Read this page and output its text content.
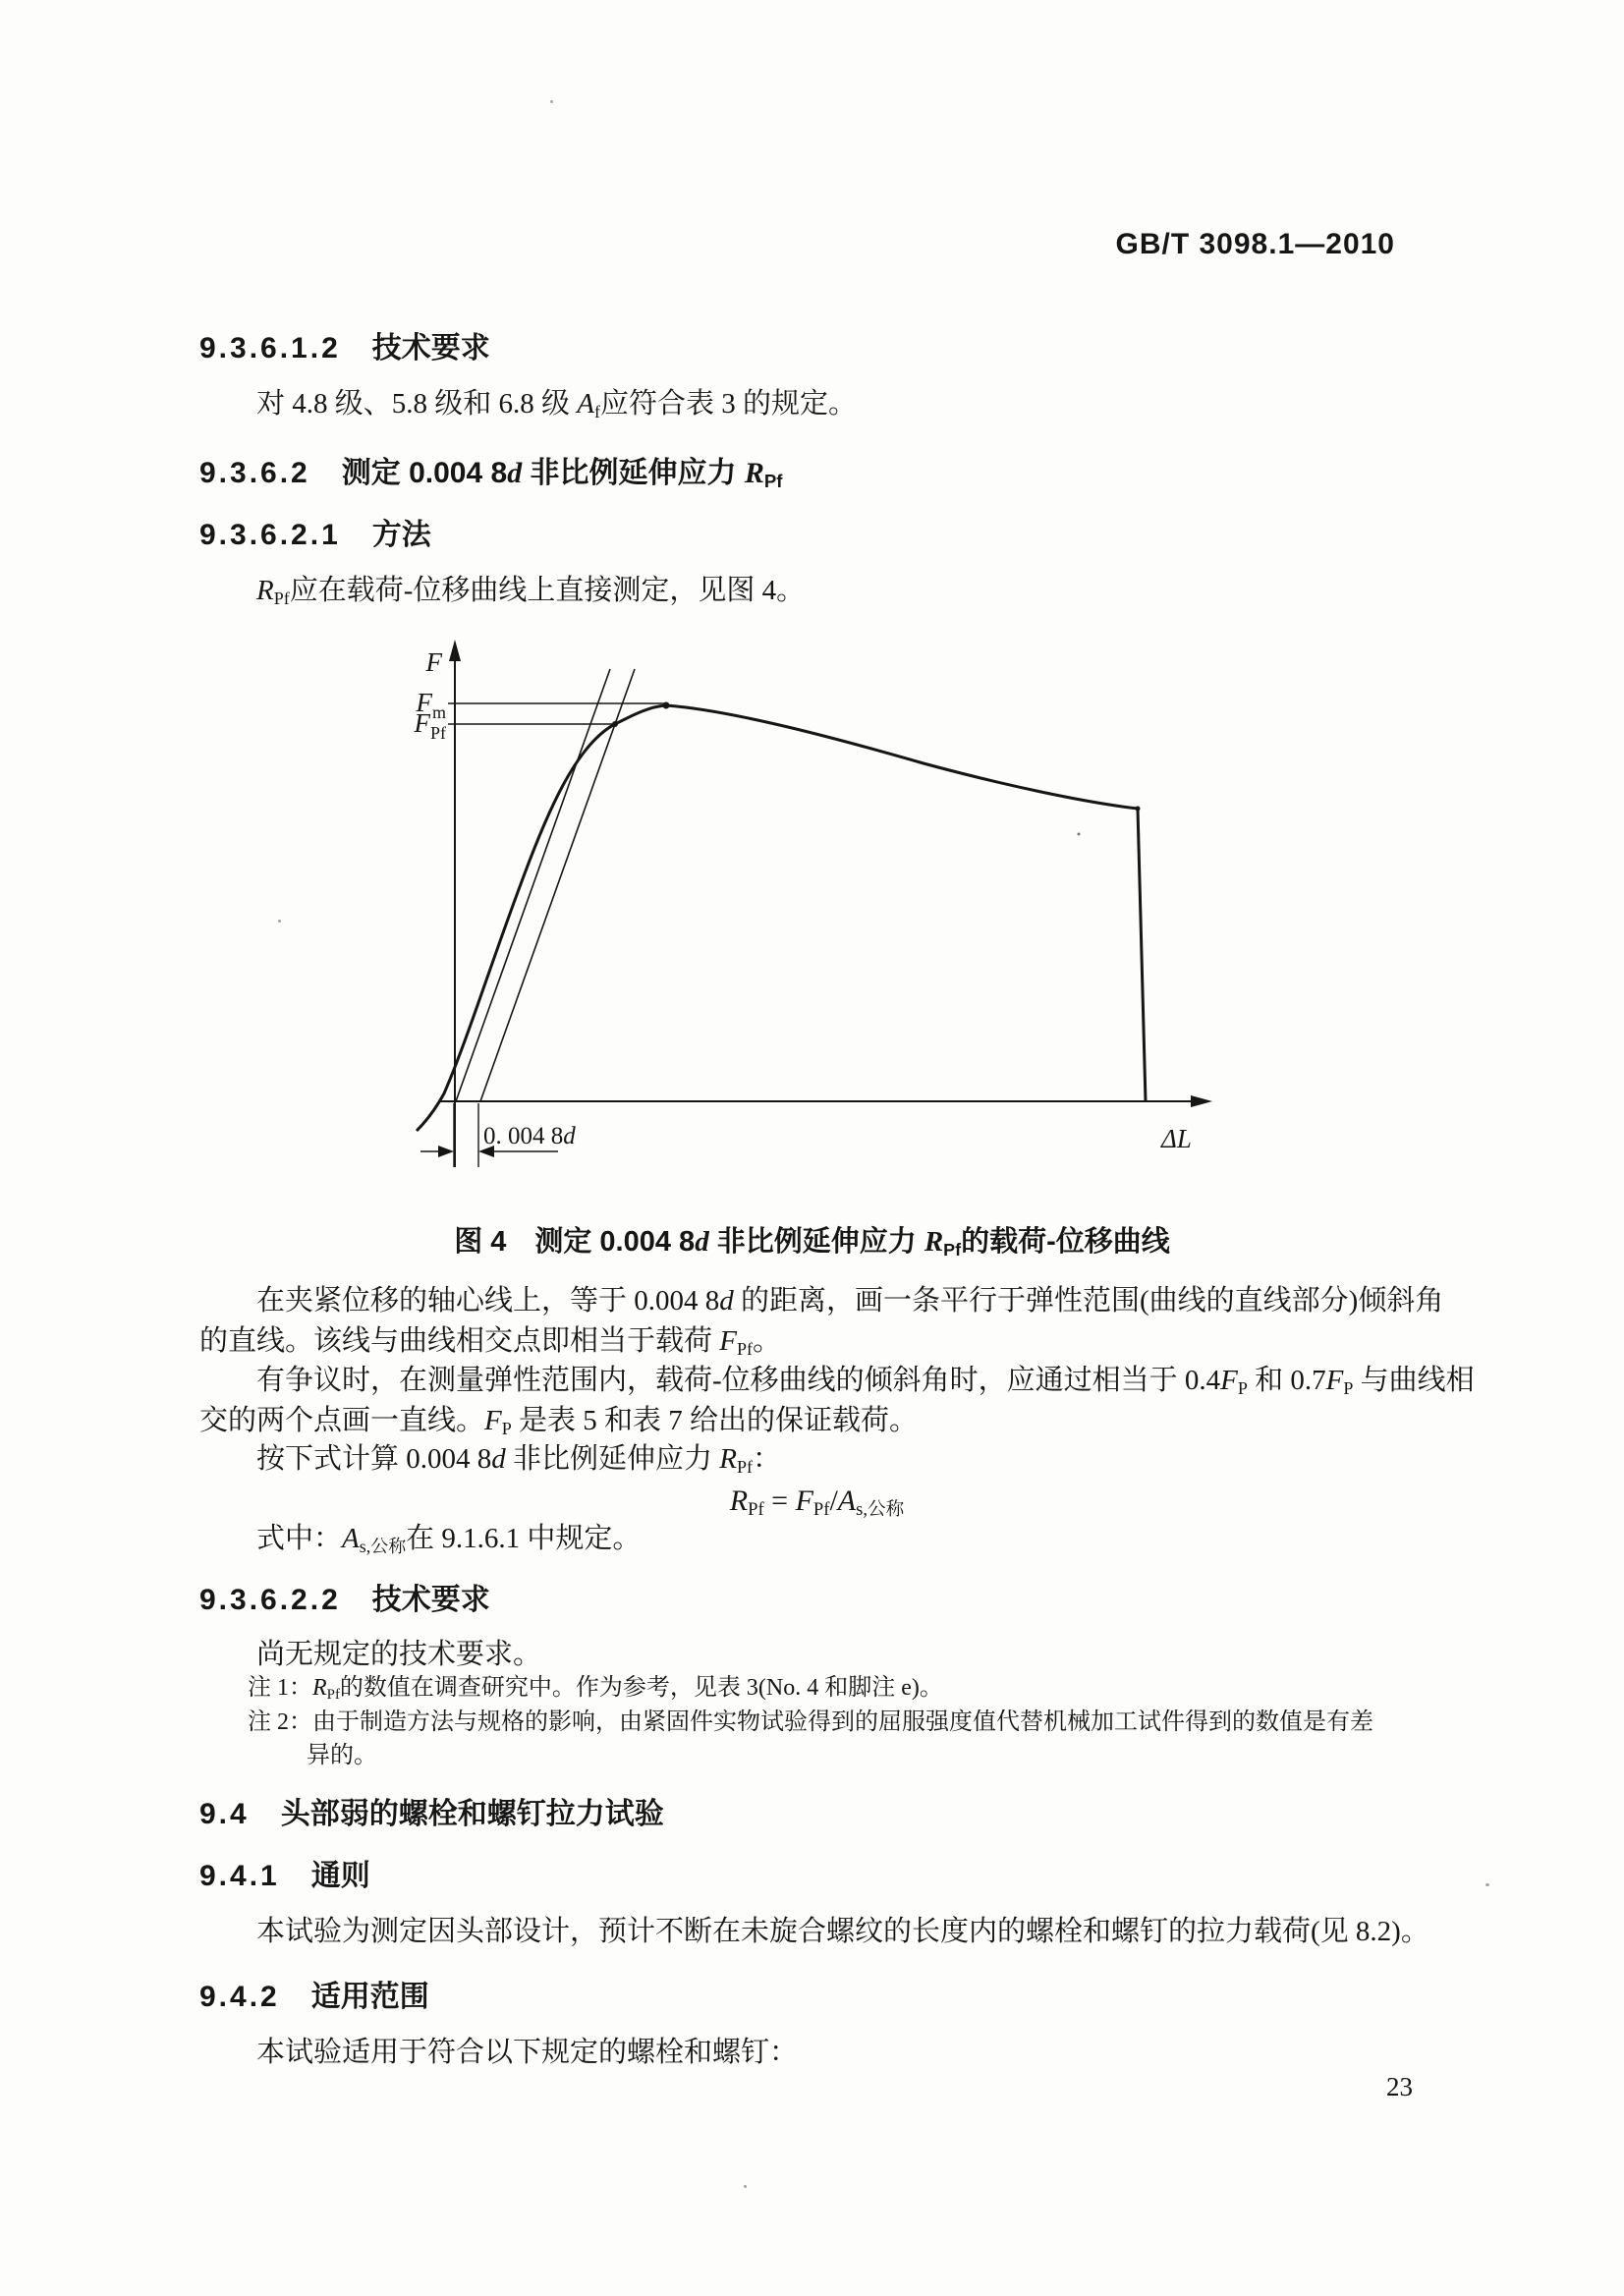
GB/T 3098.1—2010
9.3.6.1.2 技术要求
对 4.8 级、5.8 级和 6.8 级 $A_f$应符合表 3 的规定。
9.3.6.2 测定 0.004 8d 非比例延伸应力 $R_{Pf}$
9.3.6.2.1 方法
$R_{Pf}$应在载荷-位移曲线上直接测定，见图 4。
F
$F_m$
$F_{Pf}$
0. 004 8d	ΔL
图 4　测定 0.004 8d 非比例延伸应力 $R_{Pf}$的载荷-位移曲线
在夹紧位移的轴心线上，等于 0.004 8d 的距离，画一条平行于弹性范围(曲线的直线部分)倾斜角
的直线。该线与曲线相交点即相当于载荷 $F_{Pf}$。
有争议时，在测量弹性范围内，载荷-位移曲线的倾斜角时，应通过相当于 $0.4F_P$ 和 $0.7F_P$ 与曲线相
交的两个点画一直线。$F_P$ 是表 5 和表 7 给出的保证载荷。
按下式计算 0.004 8d 非比例延伸应力 $R_{Pf}$：
$R_{Pf} = F_{Pf}/A_{s,公称}$
式中：$A_{s,公称}$在 9.1.6.1 中规定。
9.3.6.2.2 技术要求
尚无规定的技术要求。
注 1：$R_{Pf}$的数值在调查研究中。作为参考，见表 3(No. 4 和脚注 e)。
注 2：由于制造方法与规格的影响，由紧固件实物试验得到的屈服强度值代替机械加工试件得到的数值是有差
异的。
9.4 头部弱的螺栓和螺钉拉力试验
9.4.1 通则
本试验为测定因头部设计，预计不断在未旋合螺纹的长度内的螺栓和螺钉的拉力载荷(见 8.2)。
9.4.2 适用范围
本试验适用于符合以下规定的螺栓和螺钉：
23
